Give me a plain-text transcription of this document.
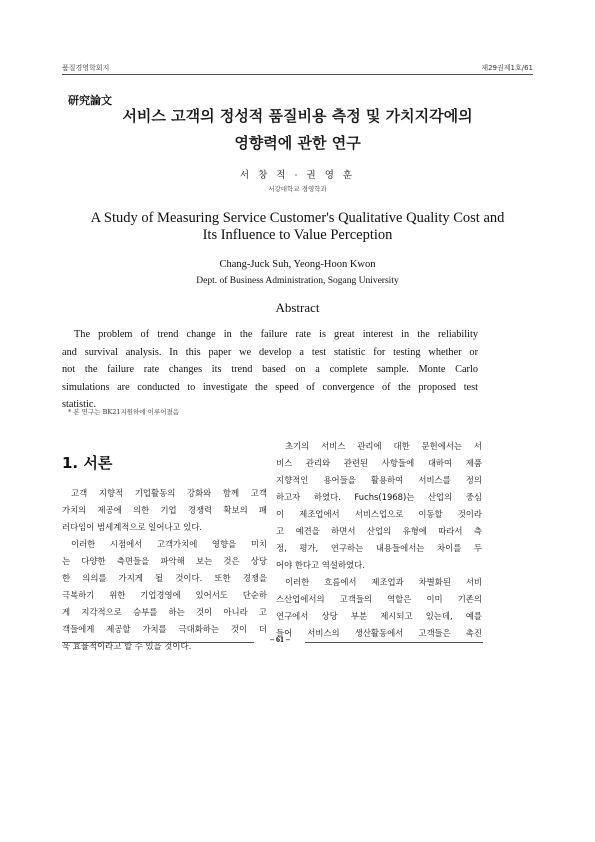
품질경영학회지	제29권제1호/61
研究論文
서비스 고객의 정성적 품질비용 측정 및 가치지각에의
영향력에 관한 연구
서 창 적 · 권 영 훈
서강대학교 경영학과
A Study of Measuring Service Customer's Qualitative Quality Cost and
Its Influence to Value Perception
Chang-Juck Suh, Yeong-Hoon Kwon
Dept. of Business Administration, Sogang University
Abstract
The problem of trend change in the failure rate is great interest in the reliability
and survival analysis. In this paper we develop a test statistic for testing whether or
not the failure rate changes its trend based on a complete sample. Monte Carlo
simulations are conducted to investigate the speed of convergence of the proposed test
statistic.
* 본 연구는 BK21지원하에 이루어졌음
1. 서론

고객 지향적 기업활동의 강화와 함께 고객
가치의 제공에 의한 기업 경쟁력 확보의 패
러다임이 범세계적으로 일어나고 있다.

이러한 시점에서 고객가치에 영향을 미치
는 다양한 측면들을 파악해 보는 것은 상당
한 의의를 가지게 될 것이다. 또한 경쟁을
극복하기 위한 기업경영에 있어서도 단순하
게 지각적으로 승부를 하는 것이 아니라 고
객들에게 제공할 가치를 극대화하는 것이 더
욱 효율적이라고 할 수 있을 것이다.

초기의 서비스 관리에 대한 문헌에서는 서
비스 관리와 관련된 사항들에 대하여 제품
지향적인 용어들을 활용하여 서비스를 정의
하고자 하였다. Fuchs(1968)는 산업의 중심
이 제조업에서 서비스업으로 이동할 것이라
고 예견을 하면서 산업의 유형에 따라서 측
정, 평가, 연구하는 내용들에서는 차이를 두
어야 한다고 역설하였다.

이러한 흐름에서 제조업과 차별화된 서비
스산업에서의 고객들의 역할은 이미 기존의
연구에서 상당 부분 제시되고 있는데, 예를
들어 서비스의 생산활동에서 고객들은 촉진

– 61 –
